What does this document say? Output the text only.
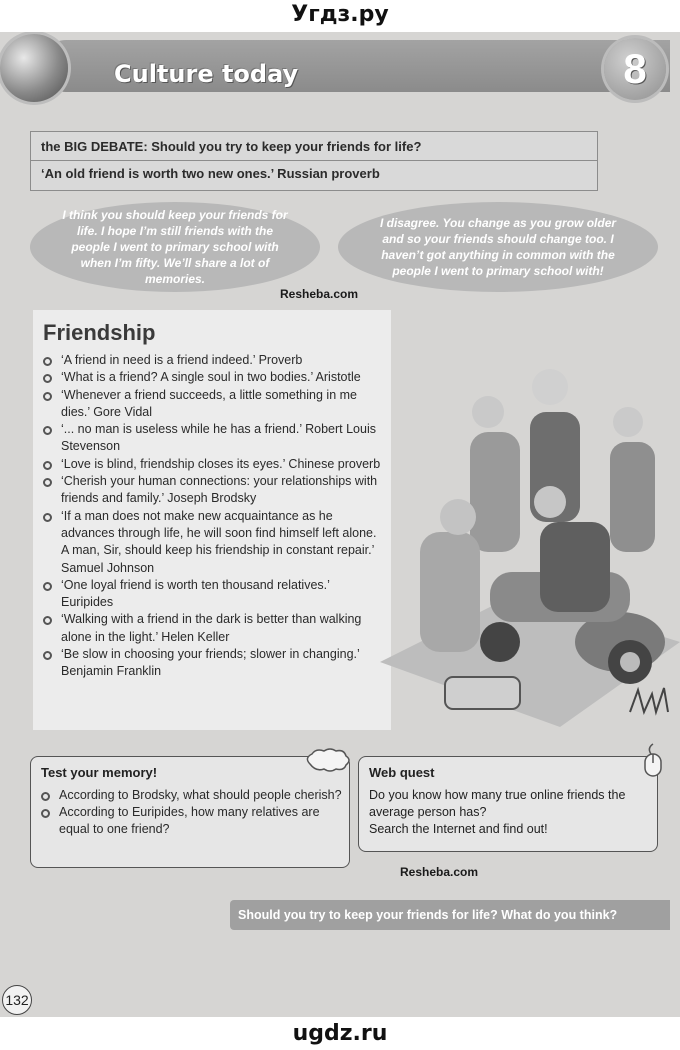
Угдз.ру
Culture today	8
the BIG DEBATE: Should you try to keep your friends for life?
‘An old friend is worth two new ones.’ Russian proverb
I think you should keep your friends for life. I hope I’m still friends with the people I went to primary school with when I’m fifty. We’ll share a lot of memories.
I disagree. You change as you grow older and so your friends should change too. I haven’t got anything in common with the people I went to primary school with!
Resheba.com
Friendship
‘A friend in need is a friend indeed.’ Proverb
‘What is a friend? A single soul in two bodies.’ Aristotle
‘Whenever a friend succeeds, a little something in me dies.’ Gore Vidal
‘... no man is useless while he has a friend.’ Robert Louis Stevenson
‘Love is blind, friendship closes its eyes.’ Chinese proverb
‘Cherish your human connections: your relationships with friends and family.’ Joseph Brodsky
‘If a man does not make new acquaintance as he advances through life, he will soon find himself left alone. A man, Sir, should keep his friendship in constant repair.’ Samuel Johnson
‘One loyal friend is worth ten thousand relatives.’ Euripides
‘Walking with a friend in the dark is better than walking alone in the light.’ Helen Keller
‘Be slow in choosing your friends; slower in changing.’ Benjamin Franklin
Test your memory!
According to Brodsky, what should people cherish?
According to Euripides, how many relatives are equal to one friend?
Web quest
Do you know how many true online friends the average person has?
Search the Internet and find out!
Resheba.com
Should you try to keep your friends for life? What do you think?
132
ugdz.ru
